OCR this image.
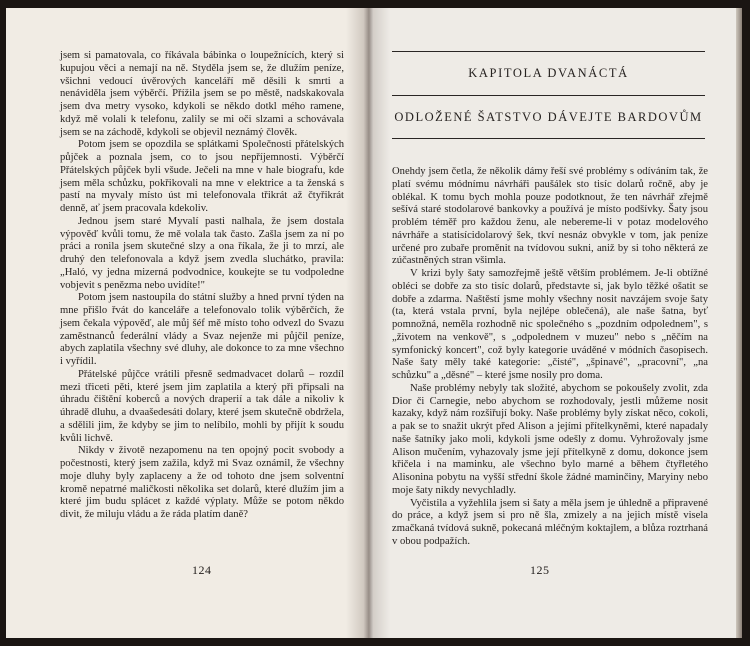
jsem si pamatovala, co říkávala bábinka o loupežnících, který si kupujou věci a nemají na ně. Styděla jsem se, že dlužím peníze, všichni vedoucí úvěrových kanceláří mě děsili k smrti a nenáviděla jsem výběrčí. Přížila jsem se po městě, nadskakovala jsem dva metry vysoko, kdykoli se někdo dotkl mého ramene, když mě volali k telefonu, zalily se mi oči slzami a schovávala jsem se na záchodě, kdykoli se objevil neznámý člověk.

Potom jsem se opozdila se splátkami Společnosti přátelských půjček a poznala jsem, co to jsou nepříjemnosti. Výběrčí Přátelských půjček byli všude. Ječeli na mne v hale biografu, kde jsem měla schůzku, pokřikovali na mne v elektrice a ta ženská s pastí na myvaly místo úst mi telefonovala třikrát až čtyřikrát denně, ať jsem pracovala kdekoliv.

Jednou jsem staré Myvalí pasti nalhala, že jsem dostala výpověď kvůli tomu, že mě volala tak často. Zašla jsem za ní po práci a ronila jsem skutečné slzy a ona říkala, že ji to mrzí, ale druhý den telefonovala a když jsem zvedla sluchátko, pravila: „Haló, vy jedna mizerná podvodnice, koukejte se tu vodpoledne vobjevit s penězma nebo uvidíte!"

Potom jsem nastoupila do státní služby a hned první týden na mne přišlo řvát do kanceláře a telefonovalo tolik výběrčích, že jsem čekala výpověď, ale můj šéf mě místo toho odvezl do Svazu zaměstnanců federální vlády a Svaz nejenže mi půjčil peníze, abych zaplatila všechny své dluhy, ale dokonce to za mne všechno i vyřídil.

Přátelské půjčce vrátili přesně sedmadvacet dolarů – rozdíl mezi třiceti pěti, které jsem jim zaplatila a který při připsali na úhradu čištění koberců a nových draperií a tak dále a nikoliv k úhradě dluhu, a dvaašedesáti dolary, které jsem skutečně obdržela, a sdělili jim, že kdyby se jim to nelíbilo, mohli by přijít k soudu kvůli lichvě.

Nikdy v životě nezapomenu na ten opojný pocit svobody a počestnosti, který jsem zažila, když mi Svaz oznámil, že všechny moje dluhy byly zaplaceny a že od tohoto dne jsem solventní kromě nepatrné maličkosti několika set dolarů, které dlužím jim a které jim budu splácet z každé výplaty. Může se potom někdo divit, že miluju vládu a že ráda platím daně?

124
KAPITOLA DVANÁCTÁ
ODLOŽENÉ ŠATSTVO DÁVEJTE BARDOVŮM

Onehdy jsem četla, že několik dámy řeší své problémy s odíváním tak, že platí svému módnímu návrháři paušálek sto tisíc dolarů ročně, aby je oblékal. K tomu bych mohla pouze podotknout, že ten návrhář zřejmě sešívá staré stodolarové bankovky a používá je místo podšívky. Šaty jsou problém téměř pro každou ženu, ale nebereme-li v potaz modelového návrháře a statisícidolarový šek, tkví nesnáz obvykle v tom, jak peníze určené pro zubaře proměnit na tvídovou sukni, aniž by si toho některá ze zúčastněných stran všimla.

V krizi byly šaty samozřejmě ještě větším problémem. Je-li obtížné obléci se dobře za sto tisíc dolarů, představte si, jak bylo těžké ošatit se dobře a zdarma. Naštěstí jsme mohly všechny nosit navzájem svoje šaty (ta, která vstala první, byla nejlépe oblečená), ale naše šatna, byť pomnožná, neměla rozhodně nic společného s „pozdním odpolednem", s „životem na venkově", s „odpolednem v muzeu" nebo s „něčím na symfonický koncert", což byly kategorie uváděné v módních časopisech. Naše šaty měly také kategorie: „čisté", „špinavé", „pracovní", „na schůzku" a „děsné" – které jsme nosily pro doma.

Naše problémy nebyly tak složité, abychom se pokoušely zvolit, zda Dior či Carnegie, nebo abychom se rozhodovaly, jestli můžeme nosit kazaky, když nám rozšiřují boky. Naše problémy byly získat něco, cokoli, a pak se to snažit ukrýt před Alison a jejími přítelkyněmi, které napadaly naše šatníky jako moli, kdykoli jsme odešly z domu. Vyhrožovaly jsme Alison mučením, vyhazovaly jsme její přítelkyně z domu, dokonce jsem křičela i na maminku, ale všechno bylo marné a během čtyřletého Alisonina pobytu na vyšší střední škole žádné maminčiny, Maryiny nebo moje šaty nikdy nevychladly.

Vyčistila a vyžehlila jsem si šaty a měla jsem je úhledně a připravené do práce, a když jsem si pro ně šla, zmizely a na jejich místě visela zmačkaná tvídová sukně, pokecaná mléčným koktajlem, a blůza roztrhaná v obou podpažích.

125
